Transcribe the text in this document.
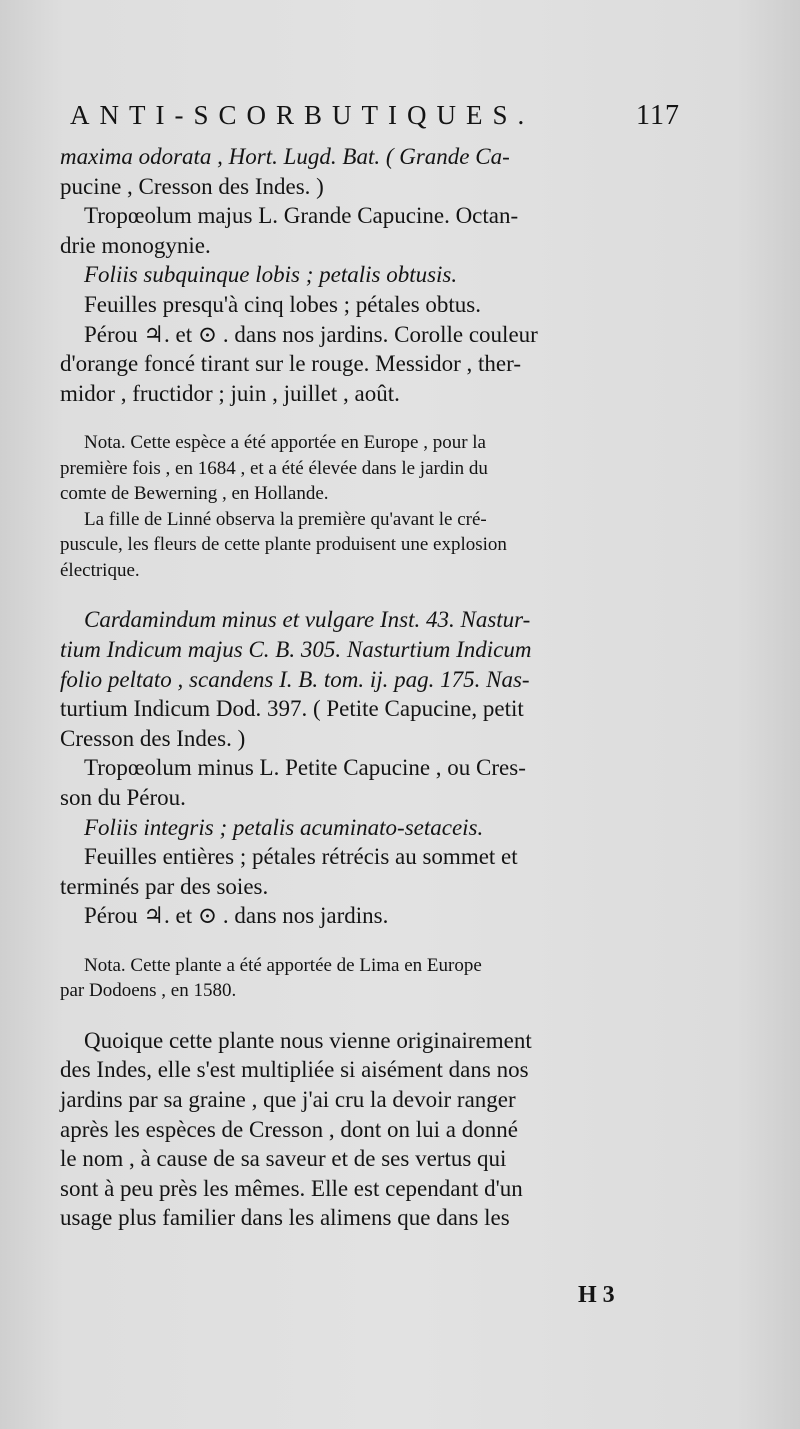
ANTI-SCORBUTIQUES.	117
maxima odorata , Hort. Lugd. Bat. ( Grande Ca-
pucine , Cresson des Indes. )
Tropœolum majus L. Grande Capucine. Octan-
drie monogynie.
Foliis subquinque lobis ; petalis obtusis.
Feuilles presqu'à cinq lobes ; pétales obtus.
Pérou ♃. et ⊙ . dans nos jardins. Corolle couleur
d'orange foncé tirant sur le rouge. Messidor , ther-
midor , fructidor ; juin , juillet , août.
Nota. Cette espèce a été apportée en Europe , pour la
première fois , en 1684 , et a été élevée dans le jardin du
comte de Bewerning , en Hollande.
La fille de Linné observa la première qu'avant le cré-
puscule, les fleurs de cette plante produisent une explosion
électrique.
Cardamindum minus et vulgare Inst. 43. Nastur-
tium Indicum majus C. B. 305. Nasturtium Indicum
folio peltato , scandens I. B. tom. ij. pag. 175. Nas-
turtium Indicum Dod. 397. ( Petite Capucine, petit
Cresson des Indes. )
Tropœolum minus L. Petite Capucine , ou Cres-
son du Pérou.
Foliis integris ; petalis acuminato-setaceis.
Feuilles entières ; pétales rétrécis au sommet et
terminés par des soies.
Pérou ♃. et ⊙ . dans nos jardins.
Nota. Cette plante a été apportée de Lima en Europe
par Dodoens , en 1580.
Quoique cette plante nous vienne originairement
des Indes, elle s'est multipliée si aisément dans nos
jardins par sa graine , que j'ai cru la devoir ranger
après les espèces de Cresson , dont on lui a donné
le nom , à cause de sa saveur et de ses vertus qui
sont à peu près les mêmes. Elle est cependant d'un
usage plus familier dans les alimens que dans les
H 3
